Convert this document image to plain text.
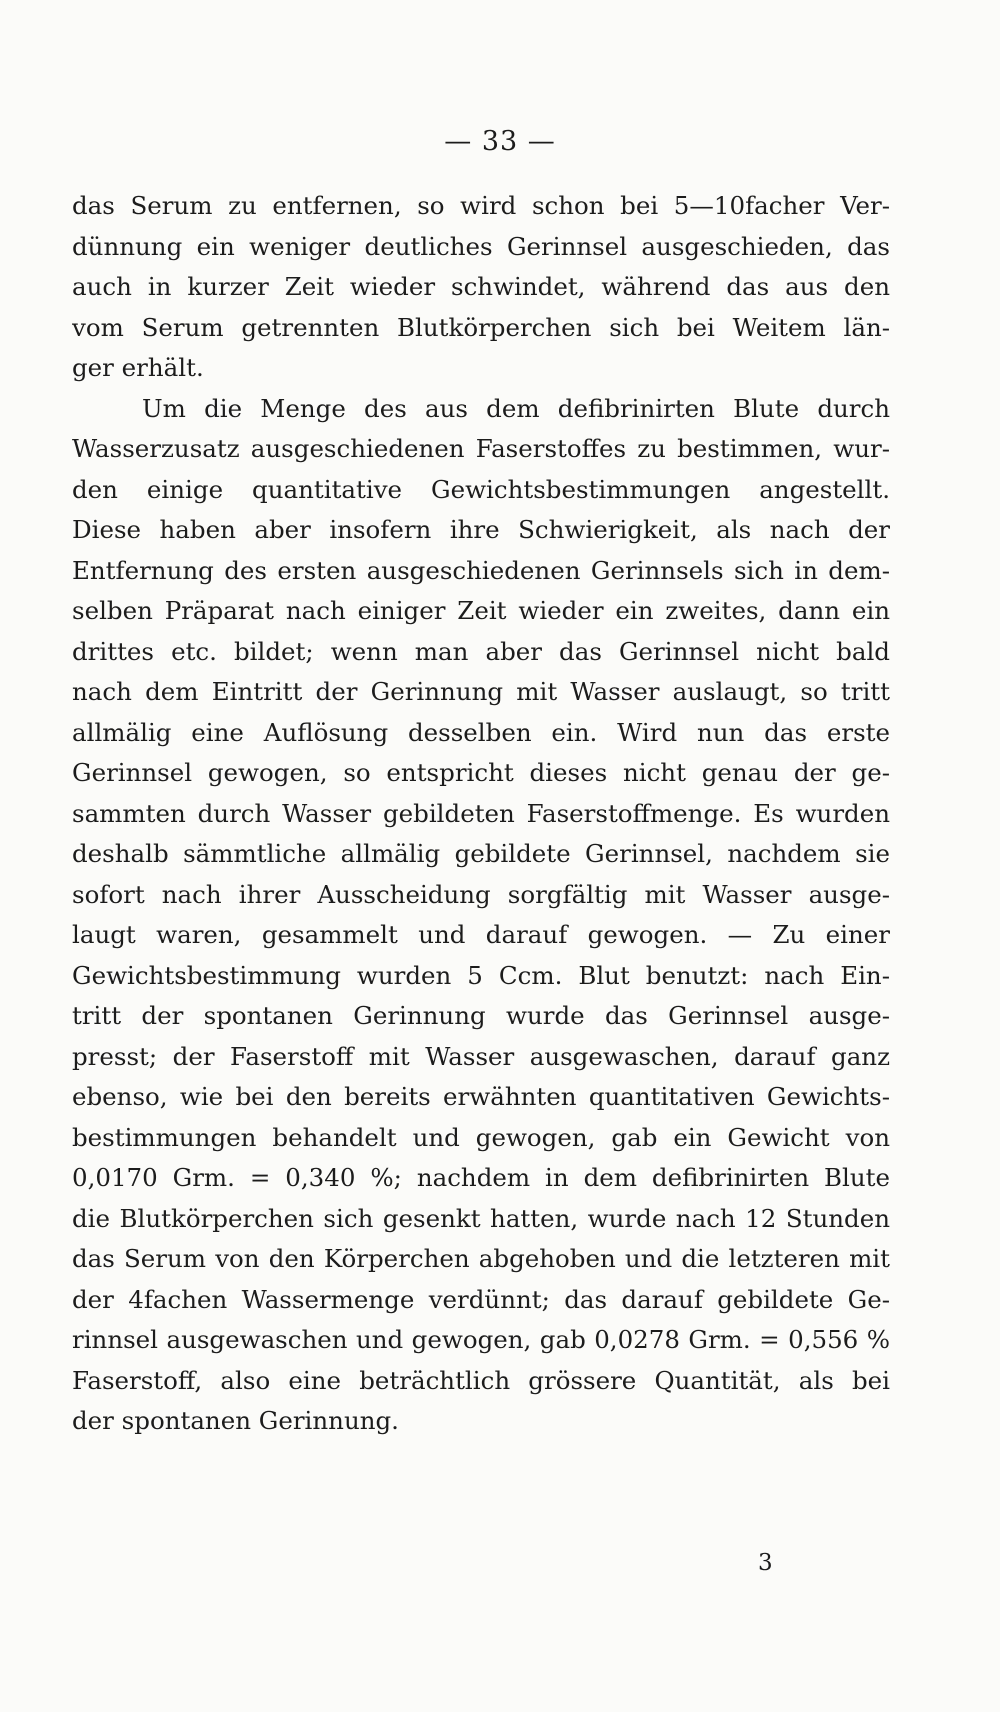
— 33 —
das Serum zu entfernen, so wird schon bei 5—10facher Ver-
dünnung ein weniger deutliches Gerinnsel ausgeschieden, das
auch in kurzer Zeit wieder schwindet, während das aus den
vom Serum getrennten Blutkörperchen sich bei Weitem län-
ger erhält.
Um die Menge des aus dem defibrinirten Blute durch
Wasserzusatz ausgeschiedenen Faserstoffes zu bestimmen, wur-
den einige quantitative Gewichtsbestimmungen angestellt.
Diese haben aber insofern ihre Schwierigkeit, als nach der
Entfernung des ersten ausgeschiedenen Gerinnsels sich in dem-
selben Präparat nach einiger Zeit wieder ein zweites, dann ein
drittes etc. bildet; wenn man aber das Gerinnsel nicht bald
nach dem Eintritt der Gerinnung mit Wasser auslaugt, so tritt
allmälig eine Auflösung desselben ein. Wird nun das erste
Gerinnsel gewogen, so entspricht dieses nicht genau der ge-
sammten durch Wasser gebildeten Faserstoffmenge. Es wurden
deshalb sämmtliche allmälig gebildete Gerinnsel, nachdem sie
sofort nach ihrer Ausscheidung sorgfältig mit Wasser ausge-
laugt waren, gesammelt und darauf gewogen. — Zu einer
Gewichtsbestimmung wurden 5 Ccm. Blut benutzt: nach Ein-
tritt der spontanen Gerinnung wurde das Gerinnsel ausge-
presst; der Faserstoff mit Wasser ausgewaschen, darauf ganz
ebenso, wie bei den bereits erwähnten quantitativen Gewichts-
bestimmungen behandelt und gewogen, gab ein Gewicht von
0,0170 Grm. = 0,340 %; nachdem in dem defibrinirten Blute
die Blutkörperchen sich gesenkt hatten, wurde nach 12 Stunden
das Serum von den Körperchen abgehoben und die letzteren mit
der 4fachen Wassermenge verdünnt; das darauf gebildete Ge-
rinnsel ausgewaschen und gewogen, gab 0,0278 Grm. = 0,556 %
Faserstoff, also eine beträchtlich grössere Quantität, als bei
der spontanen Gerinnung.
3
